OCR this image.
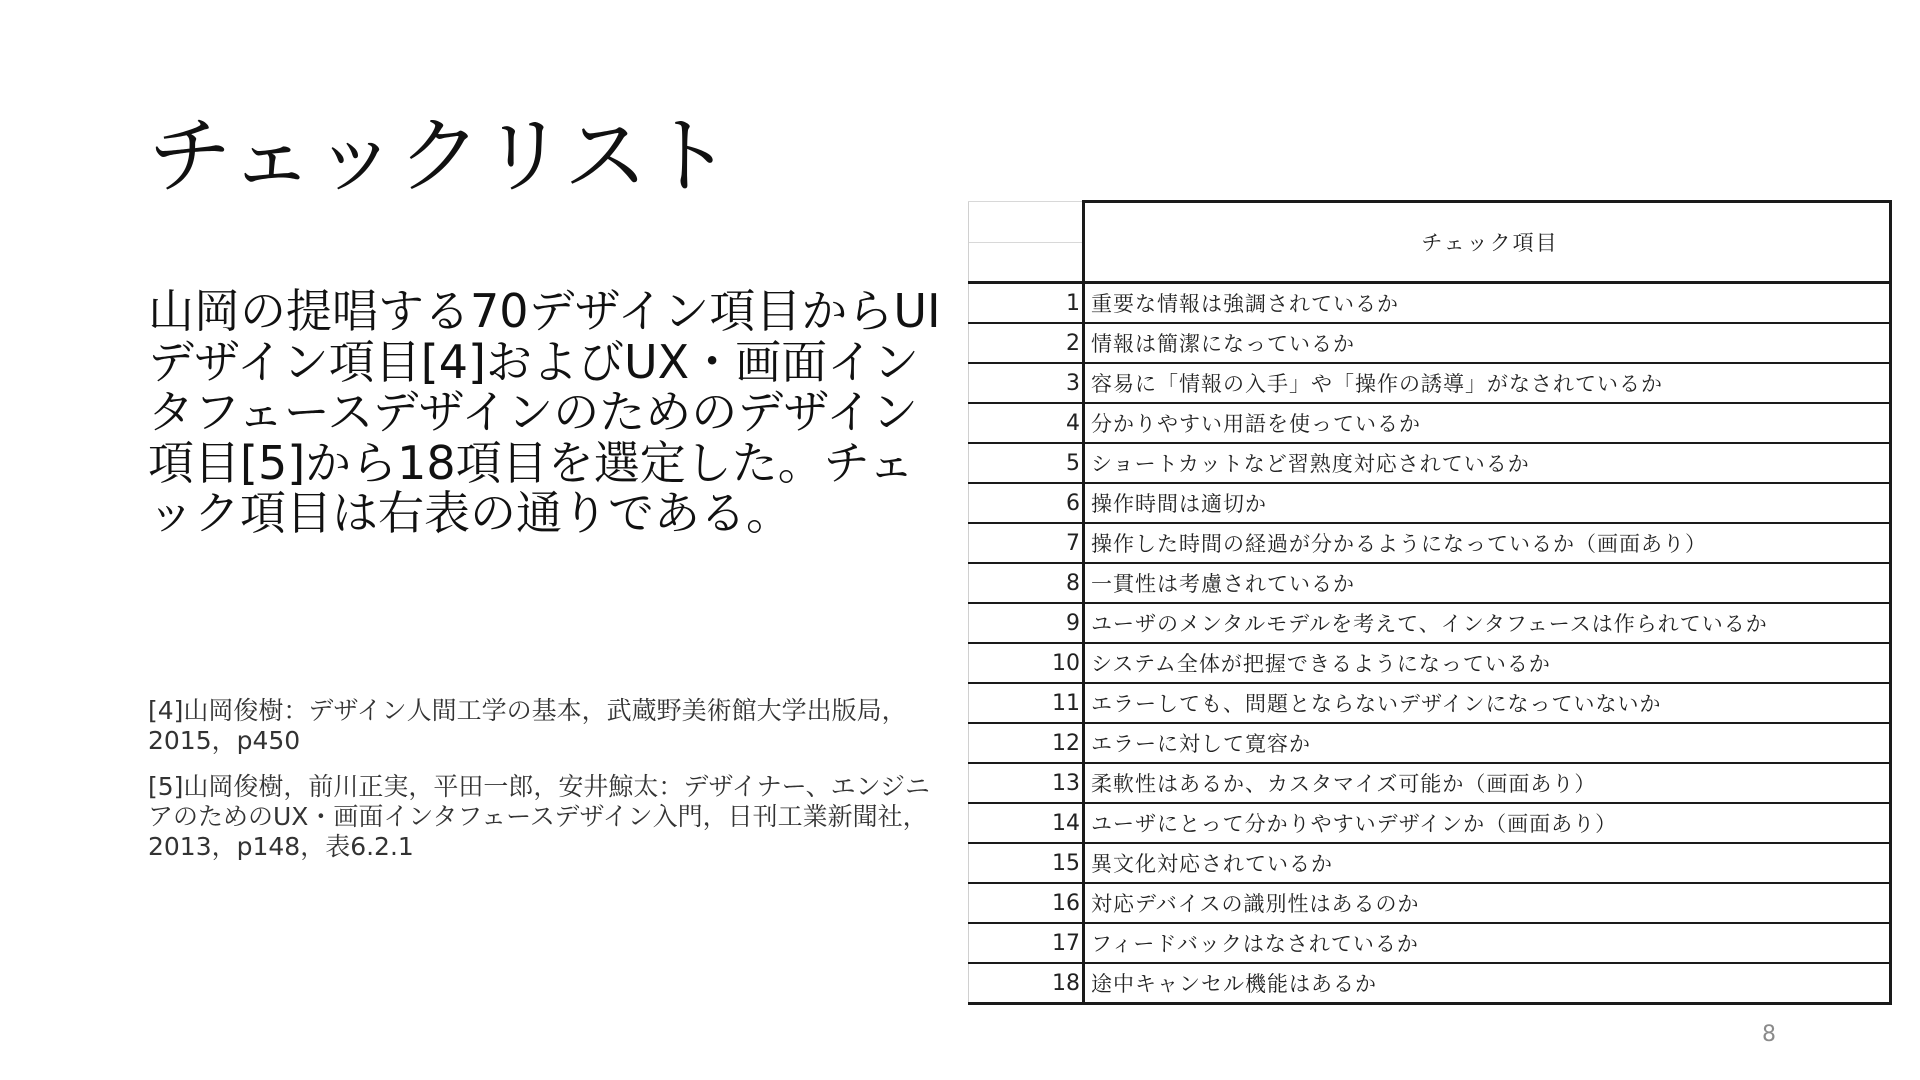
チェックリスト
山岡の提唱する70デザイン項目からUIデザイン項目[4]およびUX・画面インタフェースデザインのためのデザイン項目[5]から18項目を選定した。チェック項目は右表の通りである。

[4]山岡俊樹：デザイン人間工学の基本，武蔵野美術館大学出版局，2015，p450

[5]山岡俊樹，前川正実，平田一郎，安井鯨太：デザイナー、エンジニアのためのUX・画面インタフェースデザイン入門，日刊工業新聞社，2013，p148，表6.2.1

	チェック項目

1	重要な情報は強調されているか
2	情報は簡潔になっているか
3	容易に「情報の入手」や「操作の誘導」がなされているか
4	分かりやすい用語を使っているか
5	ショートカットなど習熟度対応されているか
6	操作時間は適切か
7	操作した時間の経過が分かるようになっているか（画面あり）
8	一貫性は考慮されているか
9	ユーザのメンタルモデルを考えて、インタフェースは作られているか
10	システム全体が把握できるようになっているか
11	エラーしても、問題とならないデザインになっていないか
12	エラーに対して寛容か
13	柔軟性はあるか、カスタマイズ可能か（画面あり）
14	ユーザにとって分かりやすいデザインか（画面あり）
15	異文化対応されているか
16	対応デバイスの識別性はあるのか
17	フィードバックはなされているか
18	途中キャンセル機能はあるか
8
